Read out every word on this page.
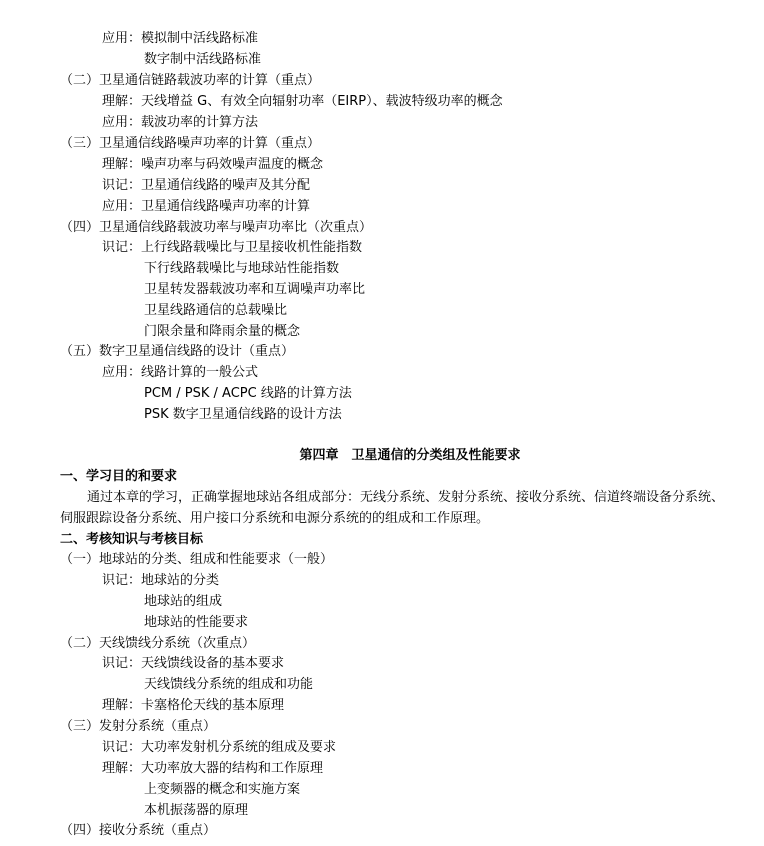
应用：模拟制中活线路标准
数字制中活线路标准
（二）卫星通信链路载波功率的计算（重点）
理解：天线增益 G、有效全向辐射功率（EIRP）、载波特级功率的概念
应用：载波功率的计算方法
（三）卫星通信线路噪声功率的计算（重点）
理解：噪声功率与码效噪声温度的概念
识记：卫星通信线路的噪声及其分配
应用：卫星通信线路噪声功率的计算
（四）卫星通信线路载波功率与噪声功率比（次重点）
识记：上行线路载噪比与卫星接收机性能指数
下行线路载噪比与地球站性能指数
卫星转发器载波功率和互调噪声功率比
卫星线路通信的总载噪比
门限余量和降雨余量的概念
（五）数字卫星通信线路的设计（重点）
应用：线路计算的一般公式
PCM / PSK / ACPC 线路的计算方法
PSK 数字卫星通信线路的设计方法
第四章　卫星通信的分类组及性能要求
一、学习目的和要求
通过本章的学习，正确掌握地球站各组成部分：无线分系统、发射分系统、接收分系统、信道终端设备分系统、
伺服跟踪设备分系统、用户接口分系统和电源分系统的的组成和工作原理。
二、考核知识与考核目标
（一）地球站的分类、组成和性能要求（一般）
识记：地球站的分类
地球站的组成
地球站的性能要求
（二）天线馈线分系统（次重点）
识记：天线馈线设备的基本要求
天线馈线分系统的组成和功能
理解：卡塞格伦天线的基本原理
（三）发射分系统（重点）
识记：大功率发射机分系统的组成及要求
理解：大功率放大器的结构和工作原理
上变频器的概念和实施方案
本机振荡器的原理
（四）接收分系统（重点）
